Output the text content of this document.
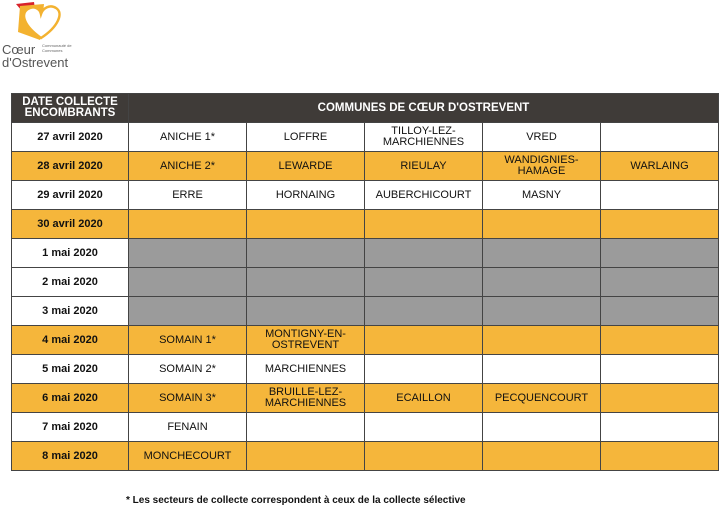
Cœur Communauté de Communes
d'Ostrevent
DATE COLLECTE ENCOMBRANTS	COMMUNES DE CŒUR D'OSTREVENT				
27 avril 2020	ANICHE 1*	LOFFRE	TILLOY-LEZ-MARCHIENNES	VRED	
28 avril 2020	ANICHE 2*	LEWARDE	RIEULAY	WANDIGNIES-HAMAGE	WARLAING
29 avril 2020	ERRE	HORNAING	AUBERCHICOURT	MASNY	
30 avril 2020					
1 mai 2020					
2 mai 2020					
3 mai 2020					
4 mai 2020	SOMAIN 1*	MONTIGNY-EN-OSTREVENT			
5 mai 2020	SOMAIN 2*	MARCHIENNES			
6 mai 2020	SOMAIN 3*	BRUILLE-LEZ-MARCHIENNES	ECAILLON	PECQUENCOURT	
7 mai 2020	FENAIN				
8 mai 2020	MONCHECOURT				
* Les secteurs de collecte correspondent à ceux de la collecte sélective
